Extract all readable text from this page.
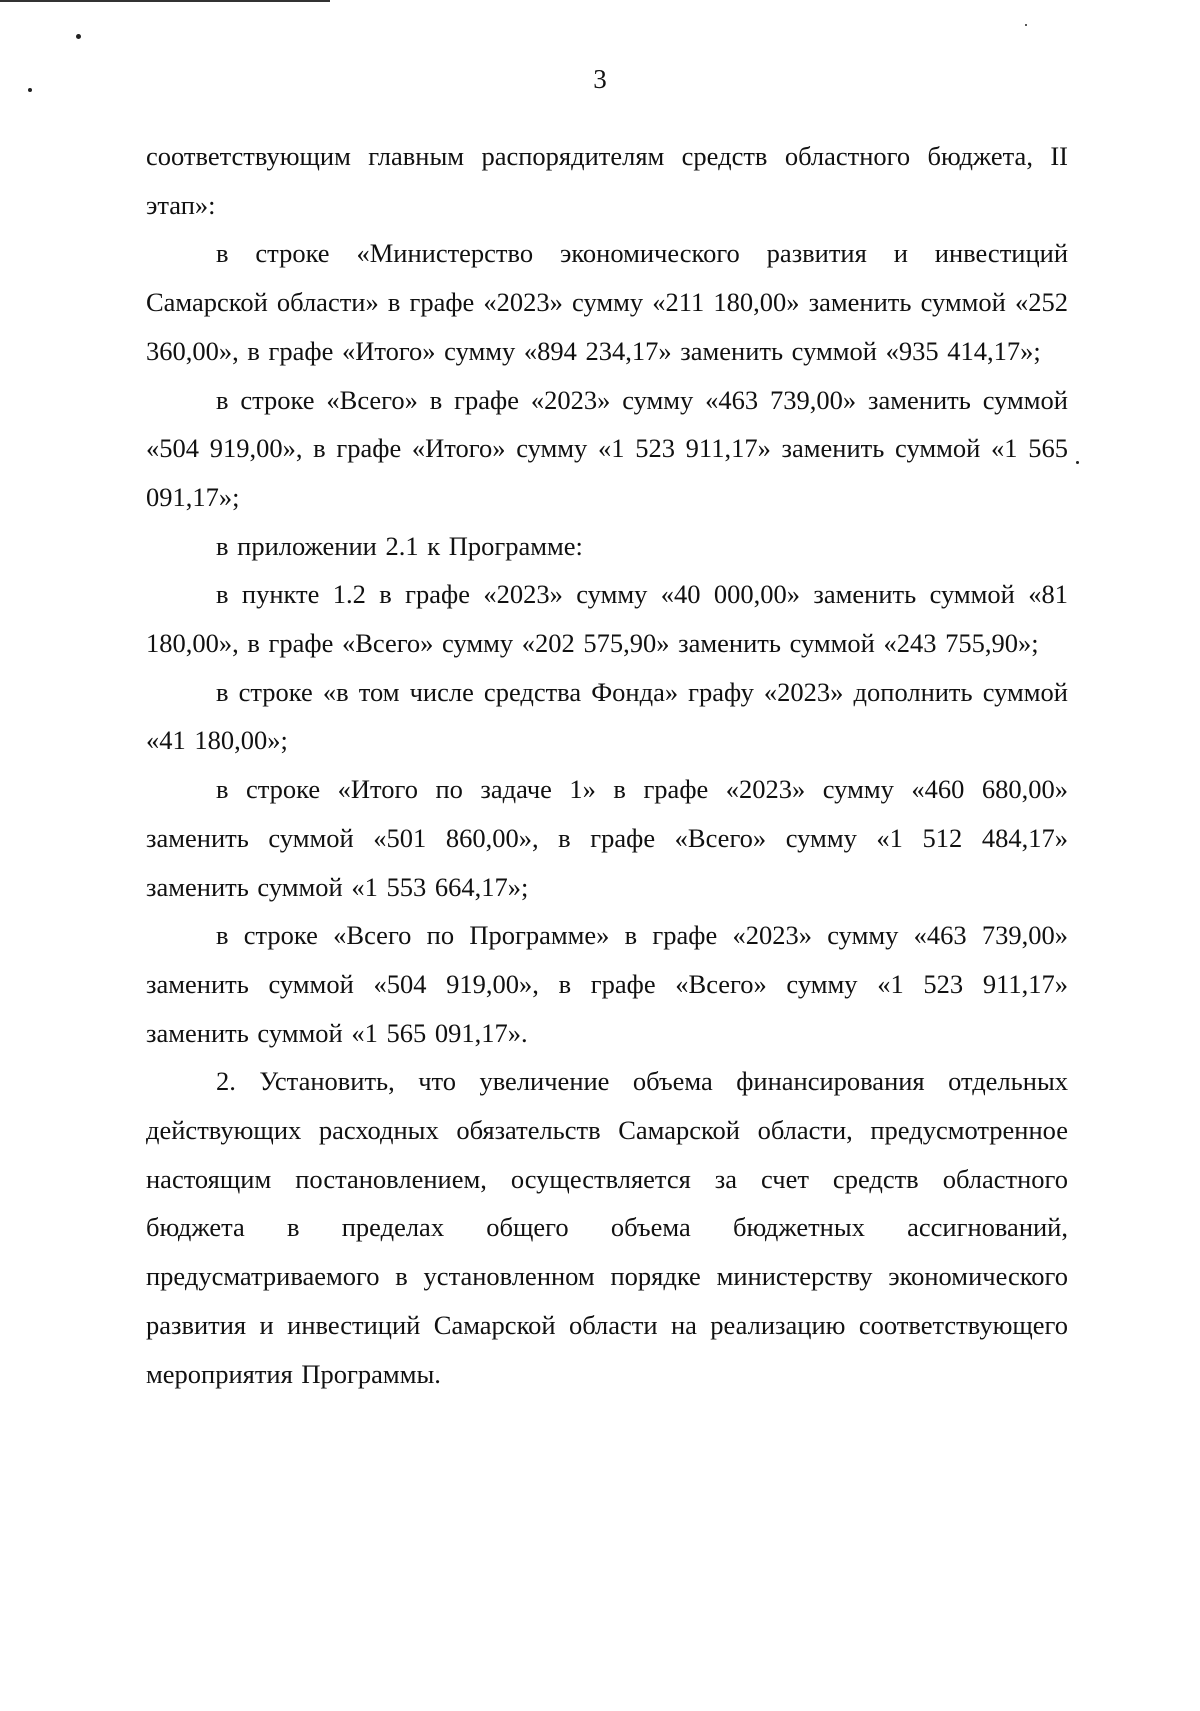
3

соответствующим главным распорядителям средств областного бюджета, II этап»:

в строке «Министерство экономического развития и инвестиций Самарской области» в графе «2023» сумму «211 180,00» заменить суммой «252 360,00», в графе «Итого» сумму «894 234,17» заменить суммой «935 414,17»;

в строке «Всего» в графе «2023» сумму «463 739,00» заменить суммой «504 919,00», в графе «Итого» сумму «1 523 911,17» заменить суммой «1 565 091,17»;

в приложении 2.1 к Программе:

в пункте 1.2 в графе «2023» сумму «40 000,00» заменить суммой «81 180,00», в графе «Всего» сумму «202 575,90» заменить суммой «243 755,90»;

в строке «в том числе средства Фонда» графу «2023» дополнить суммой «41 180,00»;

в строке «Итого по задаче 1» в графе «2023» сумму «460 680,00» заменить суммой «501 860,00», в графе «Всего» сумму «1 512 484,17» заменить суммой «1 553 664,17»;

в строке «Всего по Программе» в графе «2023» сумму «463 739,00» заменить суммой «504 919,00», в графе «Всего» сумму «1 523 911,17» заменить суммой «1 565 091,17».

2. Установить, что увеличение объема финансирования отдельных действующих расходных обязательств Самарской области, предусмотренное настоящим постановлением, осуществляется за счет средств областного бюджета в пределах общего объема бюджетных ассигнований, предусматриваемого в установленном порядке министерству экономического развития и инвестиций Самарской области на реализацию соответствующего мероприятия Программы.
